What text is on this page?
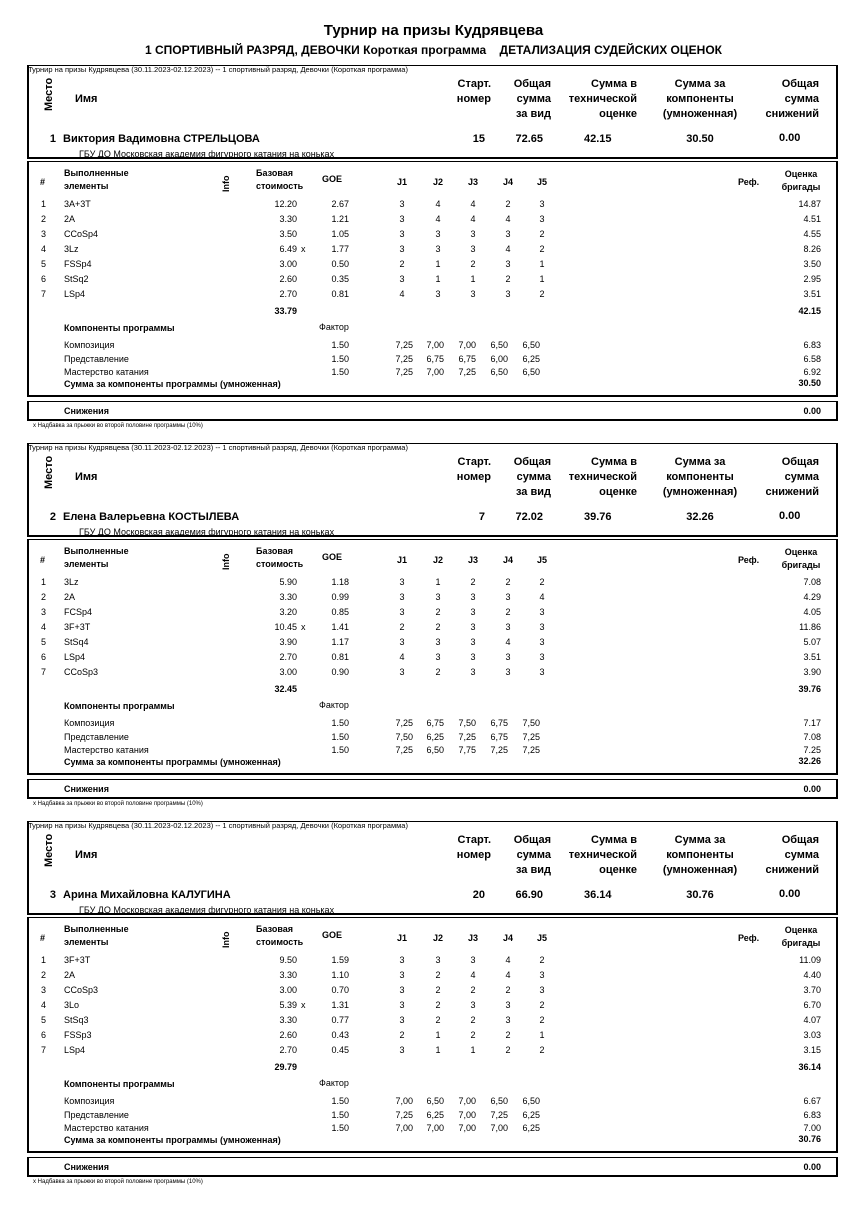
Турнир на призы Кудрявцева
1 СПОРТИВНЫЙ РАЗРЯД, ДЕВОЧКИ Короткая программа    ДЕТАЛИЗАЦИЯ СУДЕЙСКИХ ОЦЕНОК
Турнир на призы Кудрявцева (30.11.2023-02.12.2023) -- 1 спортивный разряд, Девочки (Короткая программа)
Место Имя
Старт.
номер
Общая
сумма
за вид
Сумма в
технической
оценке
Сумма за
компоненты
(умноженная)
Общая
сумма
снижений
1 Виктория Вадимовна СТРЕЛЬЦОВА
ГБУ ДО Московская академия фигурного катания на коньках
15	72.65	42.15	30.50	0.00
#
Выполненные
элементы	Info
Базовая
стоимость
GOE	J1	J2	J3	J4	J5	Реф.
Оценка
бригады
1 3A+3T	12.20	2.67	3	4	4	2	3	14.87
2 2A	3.30	1.21	3	4	4	4	3	4.51
3 CCoSp4	3.50	1.05	3	3	3	3	2	4.55
4 3Lz	6.49 x	1.77	3	3	3	4	2	8.26
5 FSSp4	3.00	0.50	2	1	2	3	1	3.50
6 StSq2	2.60	0.35	3	1	1	2	1	2.95
7 LSp4	2.70	0.81	4	3	3	3	2	3.51
33.79	42.15
Компоненты программы	Фактор
Композиция	1.50	7,25	7,00	7,00	6,50	6,50	6.83
Представление	1.50	7,25	6,75	6,75	6,00	6,25	6.58
Мастерство катания	1.50	7,25	7,00	7,25	6,50	6,50	6.92
Сумма за компоненты программы (умноженная)	30.50
Снижения	0.00
x Надбавка за прыжки во второй половине программы (10%)
Турнир на призы Кудрявцева (30.11.2023-02.12.2023) -- 1 спортивный разряд, Девочки (Короткая программа)
Место Имя
Старт.
номер
Общая
сумма
за вид
Сумма в
технической
оценке
Сумма за
компоненты
(умноженная)
Общая
сумма
снижений
2 Елена Валерьевна КОСТЫЛЕВА
ГБУ ДО Московская академия фигурного катания на коньках
7	72.02	39.76	32.26	0.00
#
Выполненные
элементы	Info
Базовая
стоимость
GOE	J1	J2	J3	J4	J5	Реф.
Оценка
бригады
1 3Lz	5.90	1.18	3	1	2	2	2	7.08
2 2A	3.30	0.99	3	3	3	3	4	4.29
3 FCSp4	3.20	0.85	3	2	3	2	3	4.05
4 3F+3T	10.45 x	1.41	2	2	3	3	3	11.86
5 StSq4	3.90	1.17	3	3	3	4	3	5.07
6 LSp4	2.70	0.81	4	3	3	3	3	3.51
7 CCoSp3	3.00	0.90	3	2	3	3	3	3.90
32.45	39.76
Компоненты программы	Фактор
Композиция	1.50	7,25	6,75	7,50	6,75	7,50	7.17
Представление	1.50	7,50	6,25	7,25	6,75	7,25	7.08
Мастерство катания	1.50	7,25	6,50	7,75	7,25	7,25	7.25
Сумма за компоненты программы (умноженная)	32.26
Снижения	0.00
x Надбавка за прыжки во второй половине программы (10%)
Турнир на призы Кудрявцева (30.11.2023-02.12.2023) -- 1 спортивный разряд, Девочки (Короткая программа)
Место Имя
Старт.
номер
Общая
сумма
за вид
Сумма в
технической
оценке
Сумма за
компоненты
(умноженная)
Общая
сумма
снижений
3 Арина Михайловна КАЛУГИНА
ГБУ ДО Московская академия фигурного катания на коньках
20	66.90	36.14	30.76	0.00
#
Выполненные
элементы	Info
Базовая
стоимость
GOE	J1	J2	J3	J4	J5	Реф.
Оценка
бригады
1 3F+3T	9.50	1.59	3	3	3	4	2	11.09
2 2A	3.30	1.10	3	2	4	4	3	4.40
3 CCoSp3	3.00	0.70	3	2	2	2	3	3.70
4 3Lo	5.39 x	1.31	3	2	3	3	2	6.70
5 StSq3	3.30	0.77	3	2	2	3	2	4.07
6 FSSp3	2.60	0.43	2	1	2	2	1	3.03
7 LSp4	2.70	0.45	3	1	1	2	2	3.15
29.79	36.14
Компоненты программы	Фактор
Композиция	1.50	7,00	6,50	7,00	6,50	6,50	6.67
Представление	1.50	7,25	6,25	7,00	7,25	6,25	6.83
Мастерство катания	1.50	7,00	7,00	7,00	7,00	6,25	7.00
Сумма за компоненты программы (умноженная)	30.76
Снижения	0.00
x Надбавка за прыжки во второй половине программы (10%)
